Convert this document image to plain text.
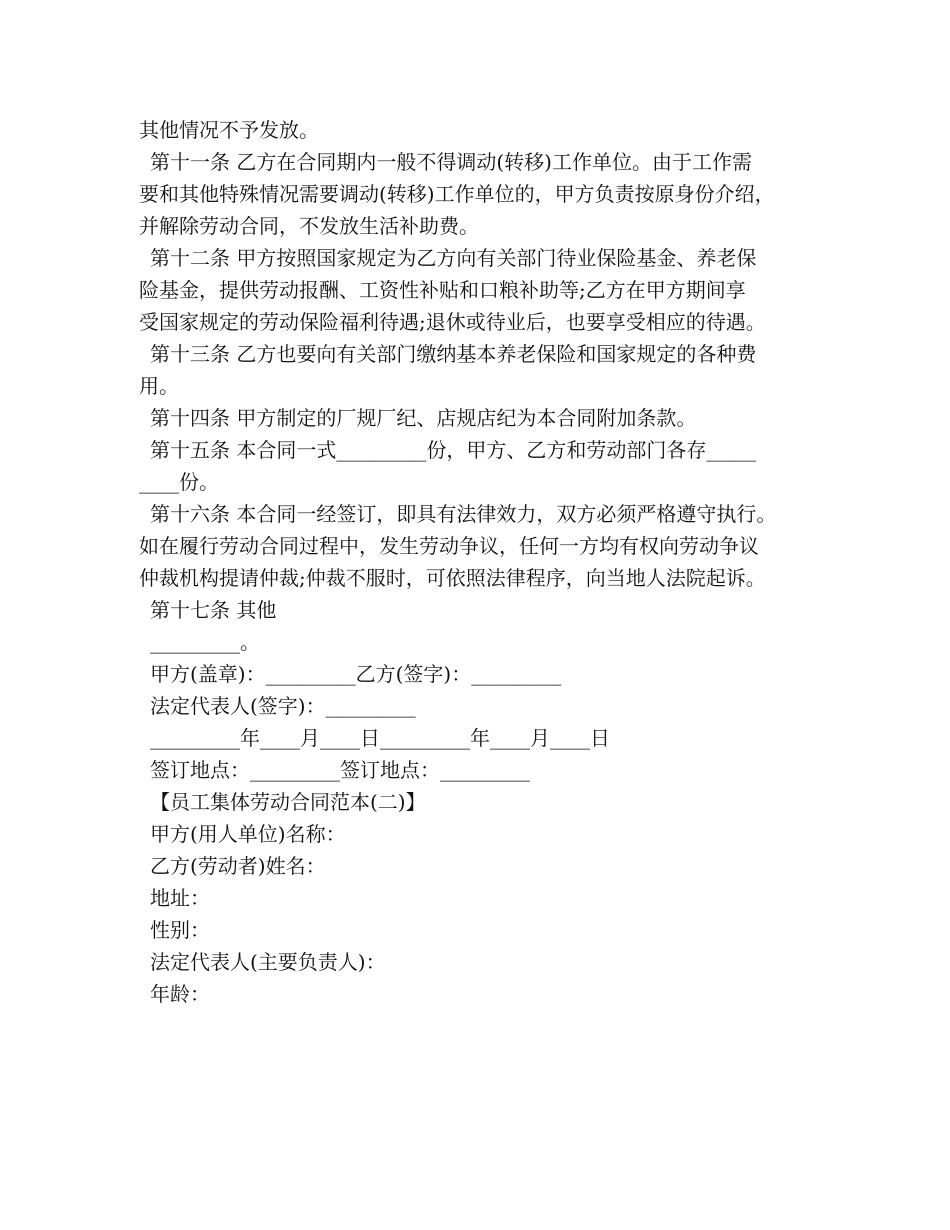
其他情况不予发放。
第十一条 乙方在合同期内一般不得调动(转移)工作单位。由于工作需
要和其他特殊情况需要调动(转移)工作单位的，甲方负责按原身份介绍，
并解除劳动合同，不发放生活补助费。
第十二条 甲方按照国家规定为乙方向有关部门待业保险基金、养老保
险基金，提供劳动报酬、工资性补贴和口粮补助等;乙方在甲方期间享
受国家规定的劳动保险福利待遇;退休或待业后，也要享受相应的待遇。
第十三条 乙方也要向有关部门缴纳基本养老保险和国家规定的各种费
用。
第十四条 甲方制定的厂规厂纪、店规店纪为本合同附加条款。
第十五条 本合同一式_________份，甲方、乙方和劳动部门各存_____
____份。
第十六条 本合同一经签订，即具有法律效力，双方必须严格遵守执行。
如在履行劳动合同过程中，发生劳动争议，任何一方均有权向劳动争议
仲裁机构提请仲裁;仲裁不服时，可依照法律程序，向当地人法院起诉。
第十七条 其他
_________。
甲方(盖章)：_________乙方(签字)：_________
法定代表人(签字)：_________
_________年____月____日_________年____月____日
签订地点：_________签订地点：_________
【员工集体劳动合同范本(二)】
甲方(用人单位)名称：
乙方(劳动者)姓名：
地址：
性别：
法定代表人(主要负责人)：
年龄：
